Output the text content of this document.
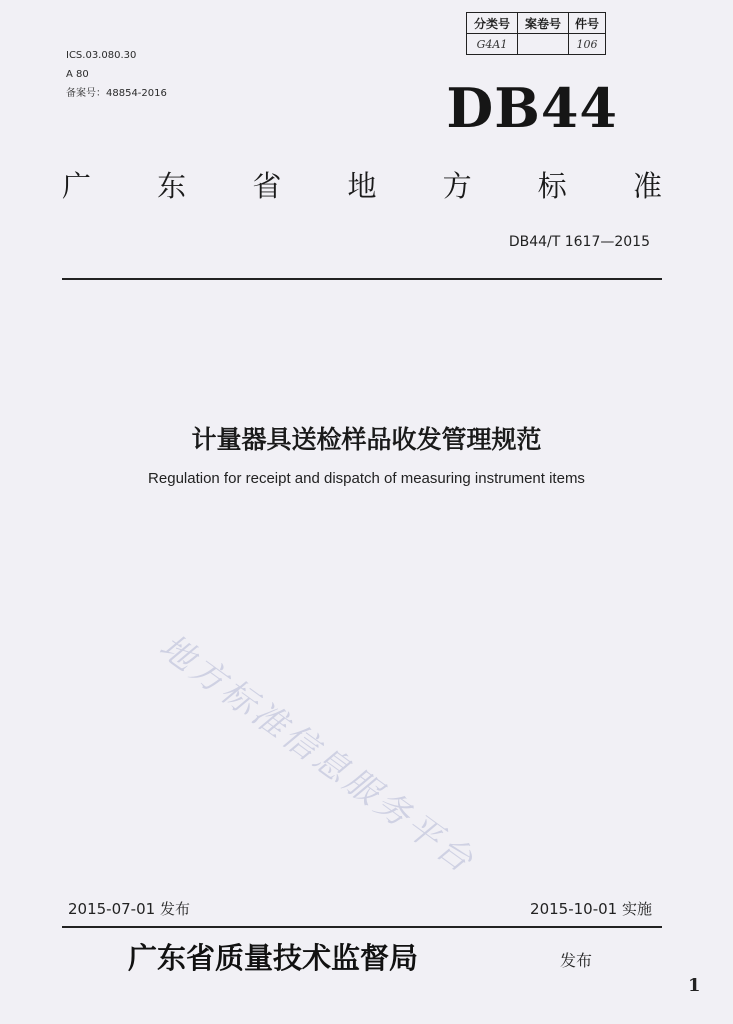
ICS.03.080.30
A 80
备案号：48854-2016
分类号	案卷号	件号
G4A1		106
DB44
广 东 省 地 方 标 准
DB44/T 1617—2015
计量器具送检样品收发管理规范
Regulation for receipt and dispatch of measuring instrument items
地方标准信息服务平台
2015-07-01 发布	2015-10-01 实施
广东省质量技术监督局	发布
1
